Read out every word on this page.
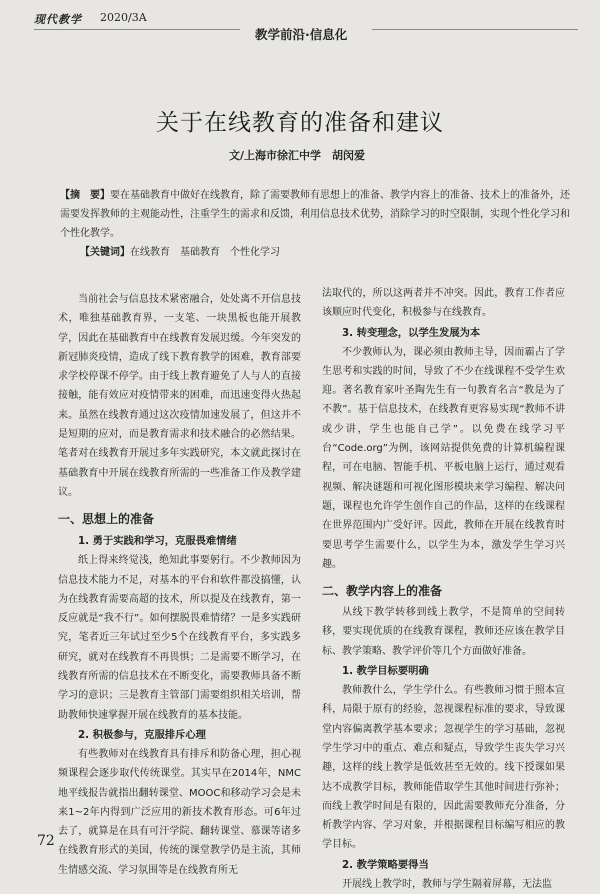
现代教学 2020/3A
教学前沿·信息化
关于在线教育的准备和建议
文/上海市徐汇中学　胡闵爱

【摘　要】要在基础教育中做好在线教育，除了需要教师有思想上的准备、教学内容上的准备、技术上的准备外，还需要发挥教师的主观能动性，注重学生的需求和反馈，利用信息技术优势，消除学习的时空限制，实现个性化学习和个性化教学。

【关键词】在线教育　基础教育　个性化学习

当前社会与信息技术紧密融合，处处离不开信息技术，唯独基础教育界，一支笔、一块黑板也能开展教学，因此在基础教育中在线教育发展迟缓。今年突发的新冠肺炎疫情，造成了线下教育教学的困难，教育部要求学校停课不停学。由于线上教育避免了人与人的直接接触，能有效应对疫情带来的困难，而迅速变得火热起来。虽然在线教育通过这次疫情加速发展了，但这并不是短期的应对，而是教育需求和技术融合的必然结果。笔者对在线教育开展过多年实践研究，本文就此探讨在基础教育中开展在线教育所需的一些准备工作及教学建议。

一、思想上的准备
1. 勇于实践和学习，克服畏难情绪

纸上得来终觉浅，绝知此事要躬行。不少教师因为信息技术能力不足，对基本的平台和软件都没搞懂，认为在线教育需要高超的技术，所以提及在线教育，第一反应就是“我不行”。如何摆脱畏难情绪？一是多实践研究，笔者近三年试过至少5个在线教育平台，多实践多研究，就对在线教育不再畏惧；二是需要不断学习，在线教育所需的信息技术在不断变化，需要教师具备不断学习的意识；三是教育主管部门需要组织相关培训，帮助教师快速掌握开展在线教育的基本技能。

2. 积极参与，克服排斥心理

有些教师对在线教育具有排斥和防备心理，担心视频课程会逐步取代传统课堂。其实早在2014年，NMC地平线报告就指出翻转课堂、MOOC和移动学习会是未来1~2年内得到广泛应用的新技术教育形态。可6年过去了，就算是在具有可汗学院、翻转课堂、慕课等诸多在线教育形式的美国，传统的课堂教学仍是主流，其师生情感交流、学习氛围等是在线教育所无

法取代的，所以这两者并不冲突。因此，教育工作者应该顺应时代变化，积极参与在线教育。

3. 转变理念，以学生发展为本

不少教师认为，课必须由教师主导，因而霸占了学生思考和实践的时间，导致了不少在线课程不受学生欢迎。著名教育家叶圣陶先生有一句教育名言“教是为了不教”。基于信息技术，在线教育更容易实现“教师不讲或少讲，学生也能自己学”。以免费在线学习平台“Code.org”为例，该网站提供免费的计算机编程课程，可在电脑、智能手机、平板电脑上运行，通过观看视频、解决谜题和可视化图形模块来学习编程、解决问题，课程也允许学生创作自己的作品，这样的在线课程在世界范围内广受好评。因此，教师在开展在线教育时要思考学生需要什么，以学生为本，激发学生学习兴趣。

二、教学内容上的准备

从线下教学转移到线上教学，不是简单的空间转移，要实现优质的在线教育课程，教师还应该在教学目标、教学策略、教学评价等几个方面做好准备。

1. 教学目标要明确

教师教什么，学生学什么。有些教师习惯于照本宣科，局限于原有的经验，忽视课程标准的要求，导致课堂内容偏离教学基本要求；忽视学生的学习基础，忽视学生学习中的重点、难点和疑点，导致学生丧失学习兴趣，这样的线上教学是低效甚至无效的。线下授课如果达不成教学目标，教师能借取学生其他时间进行弥补；而线上教学时间是有限的，因此需要教师充分准备，分析教学内容、学习对象，并根据课程目标编写相应的教学目标。

2. 教学策略要得当

开展线上教学时，教师与学生隔着屏幕，无法监

72
